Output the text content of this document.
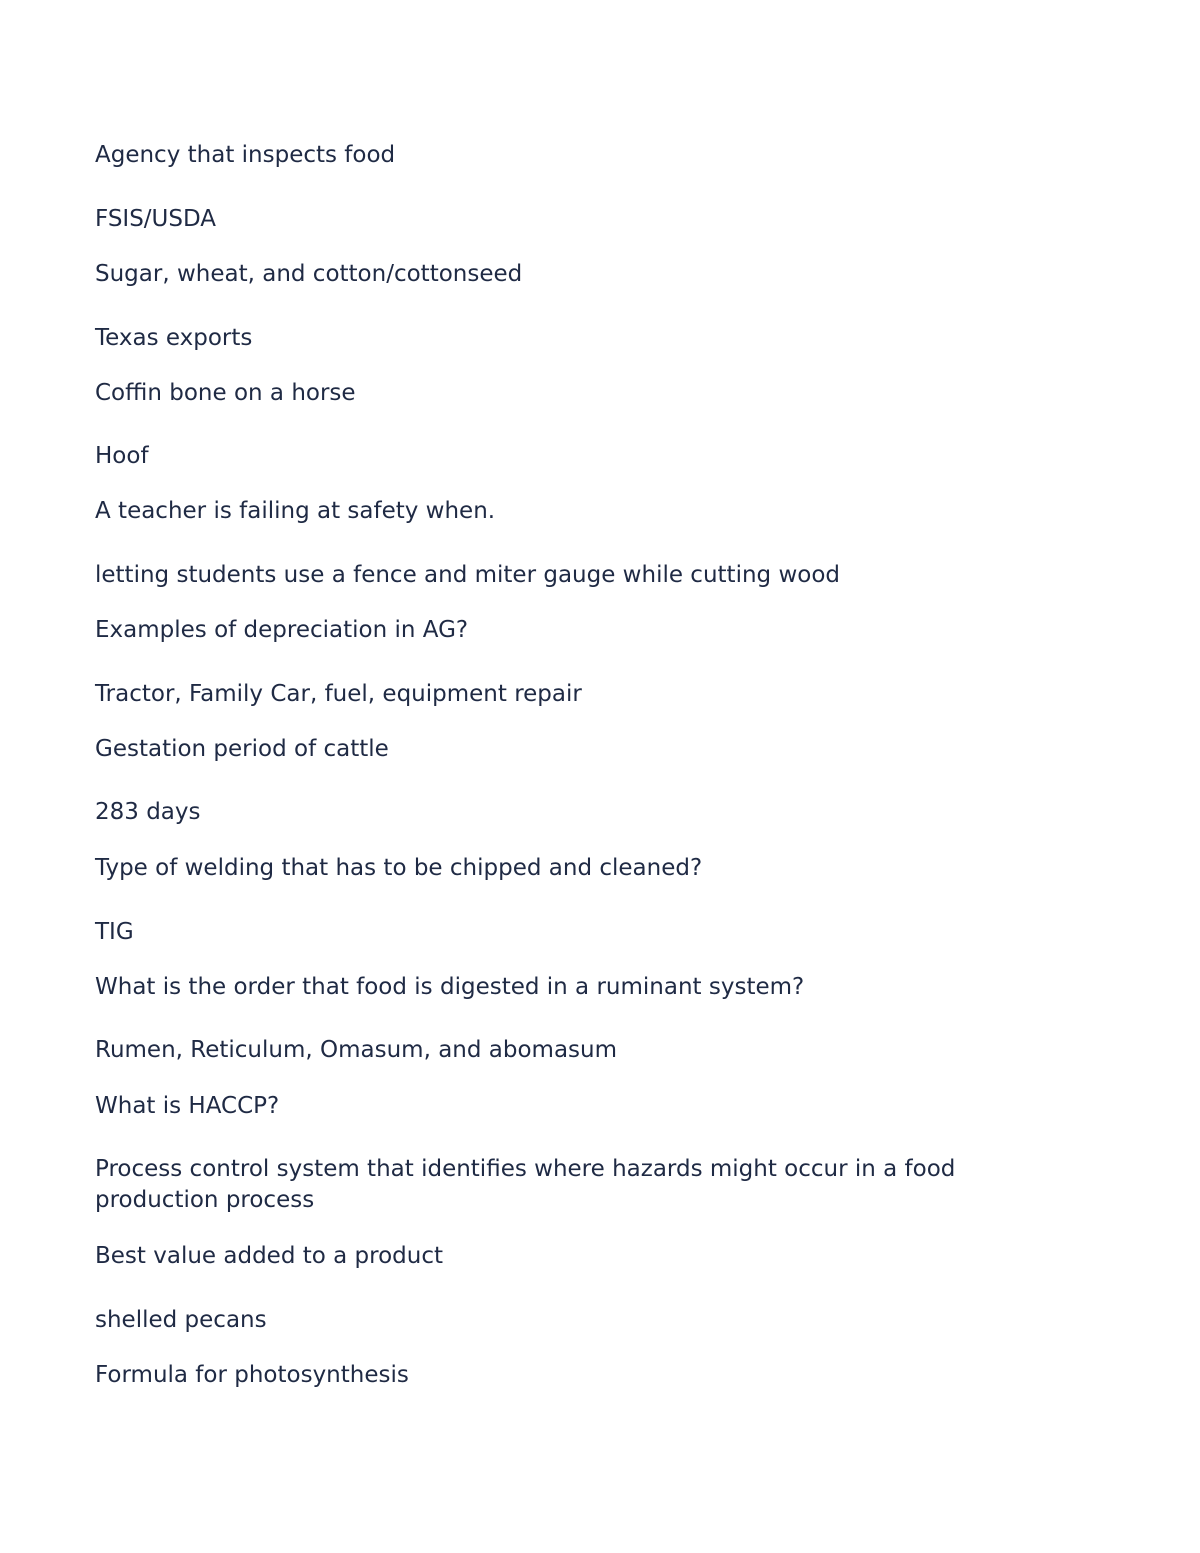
Agency that inspects food

FSIS/USDA

Sugar, wheat, and cotton/cottonseed

Texas exports

Coffin bone on a horse

Hoof

A teacher is failing at safety when.

letting students use a fence and miter gauge while cutting wood

Examples of depreciation in AG?

Tractor, Family Car, fuel, equipment repair

Gestation period of cattle

283 days

Type of welding that has to be chipped and cleaned?

TIG

What is the order that food is digested in a ruminant system?

Rumen, Reticulum, Omasum, and abomasum

What is HACCP?

Process control system that identifies where hazards might occur in a food production process

Best value added to a product

shelled pecans

Formula for photosynthesis
